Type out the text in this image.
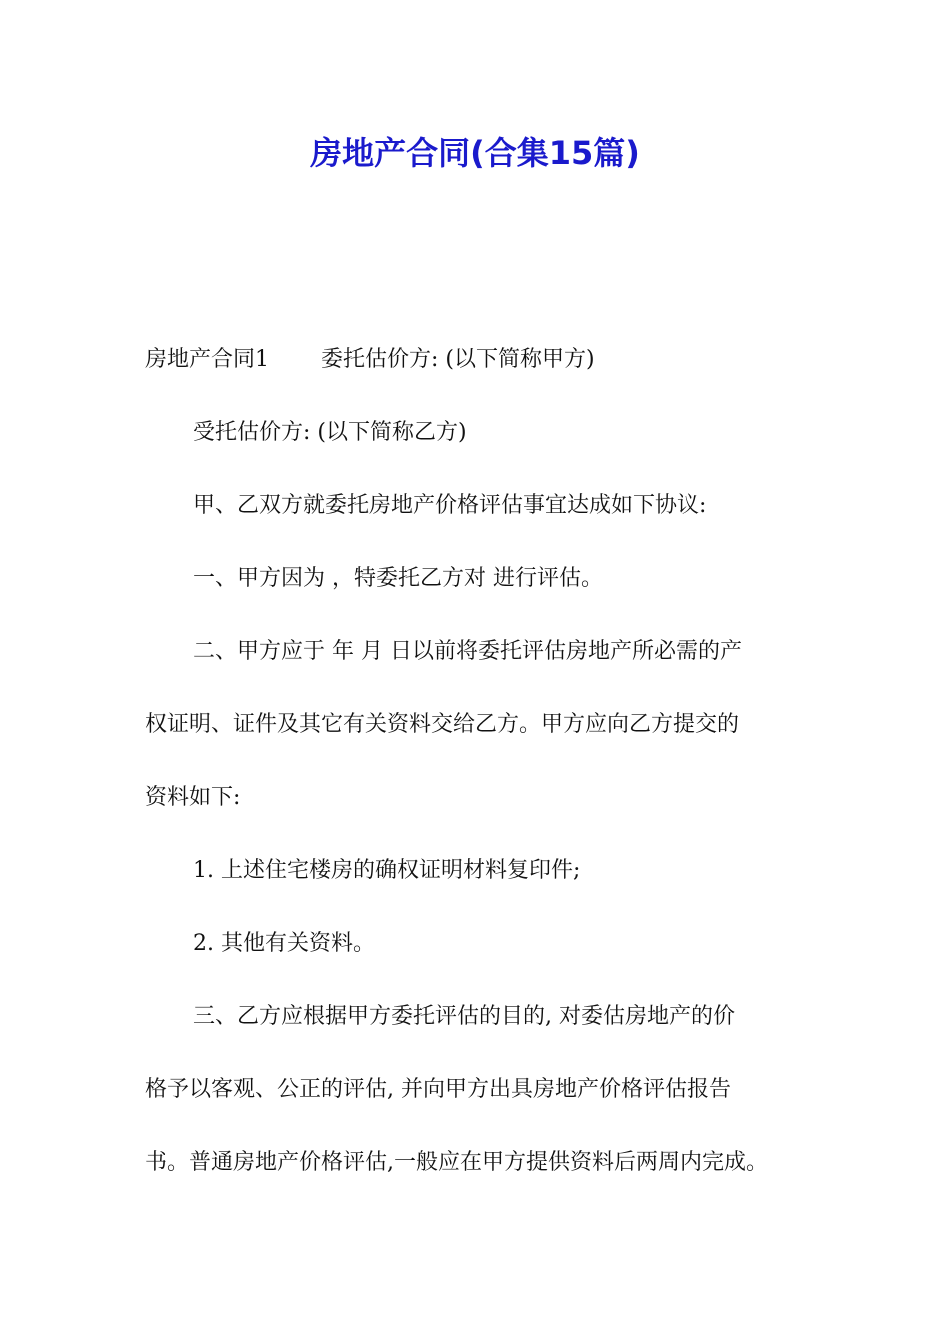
房地产合同(合集15篇)
房地产合同1 委托估价方: (以下简称甲方)
受托估价方: (以下简称乙方)
甲、乙双方就委托房地产价格评估事宜达成如下协议:
一、甲方因为 ，特委托乙方对 进行评估。
二、甲方应于 年 月 日以前将委托评估房地产所必需的产
权证明、证件及其它有关资料交给乙方。甲方应向乙方提交的
资料如下:
1. 上述住宅楼房的确权证明材料复印件;
2. 其他有关资料。
三、乙方应根据甲方委托评估的目的, 对委估房地产的价
格予以客观、公正的评估, 并向甲方出具房地产价格评估报告
书。普通房地产价格评估,一般应在甲方提供资料后两周内完成。
